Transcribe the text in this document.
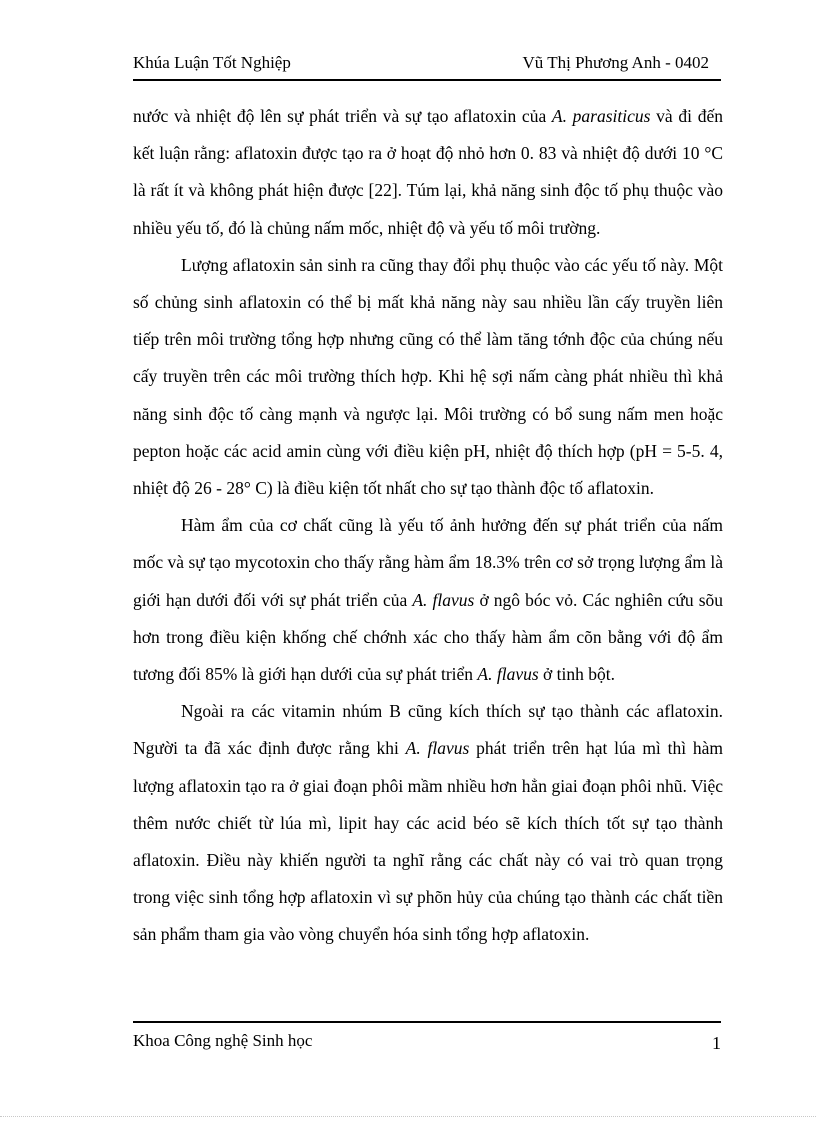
Khúa Luận Tốt Nghiệp	Vũ Thị Phương Anh - 0402

nước và nhiệt độ lên sự phát triển và sự tạo aflatoxin của A. parasiticus và đi đến kết luận rằng: aflatoxin được tạo ra ở hoạt độ nhỏ hơn 0. 83 và nhiệt độ dưới 10 °C là rất ít và không phát hiện được [22]. Túm lại, khả năng sinh độc tố phụ thuộc vào nhiều yếu tố, đó là chủng nấm mốc, nhiệt độ và yếu tố môi trường.

Lượng aflatoxin sản sinh ra cũng thay đổi phụ thuộc vào các yếu tố này. Một số chủng sinh aflatoxin có thể bị mất khả năng này sau nhiều lần cấy truyền liên tiếp trên môi trường tổng hợp nhưng cũng có thể làm tăng tớnh độc của chúng nếu cấy truyền trên các môi trường thích hợp. Khi hệ sợi nấm càng phát nhiều thì khả năng sinh độc tố càng mạnh và ngược lại. Môi trường có bổ sung nấm men hoặc pepton hoặc các acid amin cùng với điều kiện pH, nhiệt độ thích hợp (pH = 5-5. 4, nhiệt độ 26 - 28° C) là điều kiện tốt nhất cho sự tạo thành độc tố aflatoxin.

Hàm ẩm của cơ chất cũng là yếu tố ảnh hưởng đến sự phát triển của nấm mốc và sự tạo mycotoxin cho thấy rằng hàm ẩm 18.3% trên cơ sở trọng lượng ẩm là giới hạn dưới đối với sự phát triển của A. flavus ở ngô bóc vỏ. Các nghiên cứu sõu hơn trong điều kiện khống chế chớnh xác cho thấy hàm ẩm cõn bằng với độ ẩm tương đối 85% là giới hạn dưới của sự phát triển A. flavus ở tinh bột.

Ngoài ra các vitamin nhúm B cũng kích thích sự tạo thành các aflatoxin. Người ta đã xác định được rằng khi A. flavus phát triển trên hạt lúa mì thì hàm lượng aflatoxin tạo ra ở giai đoạn phôi mầm nhiều hơn hẳn giai đoạn phôi nhũ. Việc thêm nước chiết từ lúa mì, lipit hay các acid béo sẽ kích thích tốt sự tạo thành aflatoxin. Điều này khiến người ta nghĩ rằng các chất này có vai trò quan trọng trong việc sinh tổng hợp aflatoxin vì sự phõn hủy của chúng tạo thành các chất tiền sản phẩm tham gia vào vòng chuyển hóa sinh tổng hợp aflatoxin.

Khoa Công nghệ Sinh học	1
